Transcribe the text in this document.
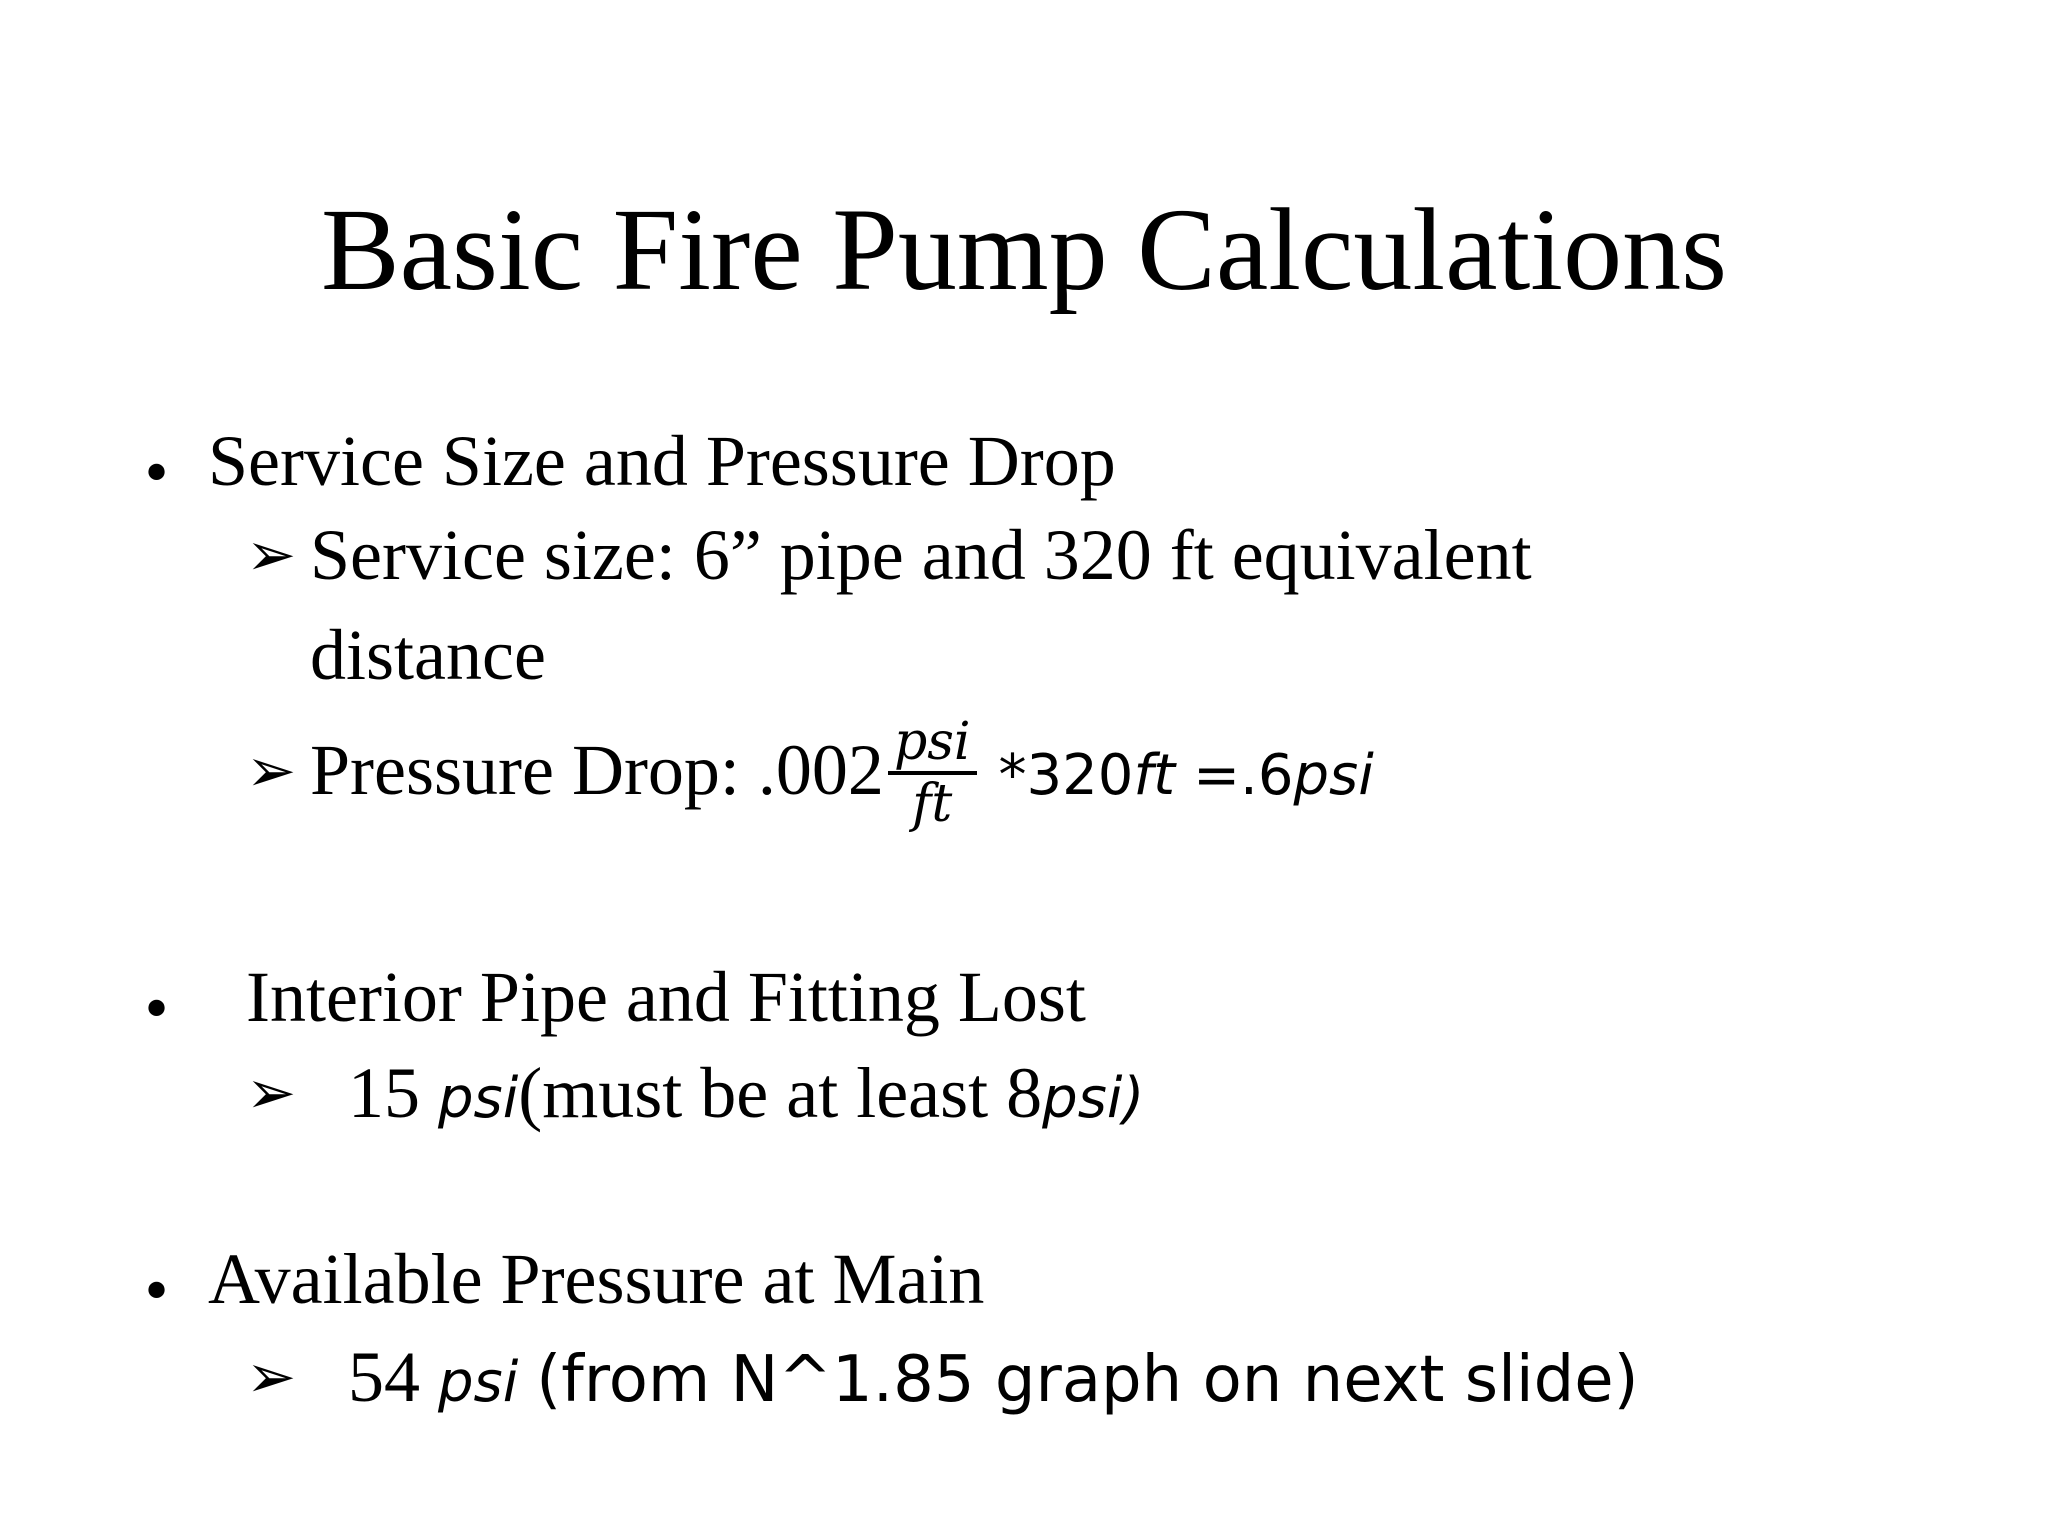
Basic Fire Pump Calculations
• Service Size and Pressure Drop
➢ Service size: 6” pipe and 320 ft equivalent
distance
➢ Pressure Drop: $.002 \frac{\text{psi}}{ft} *320ft =.6psi$
• Interior Pipe and Fitting Lost
➢ 15 psi(must be at least 8psi)
• Available Pressure at Main
➢ 54 psi (from N^1.85 graph on next slide)
